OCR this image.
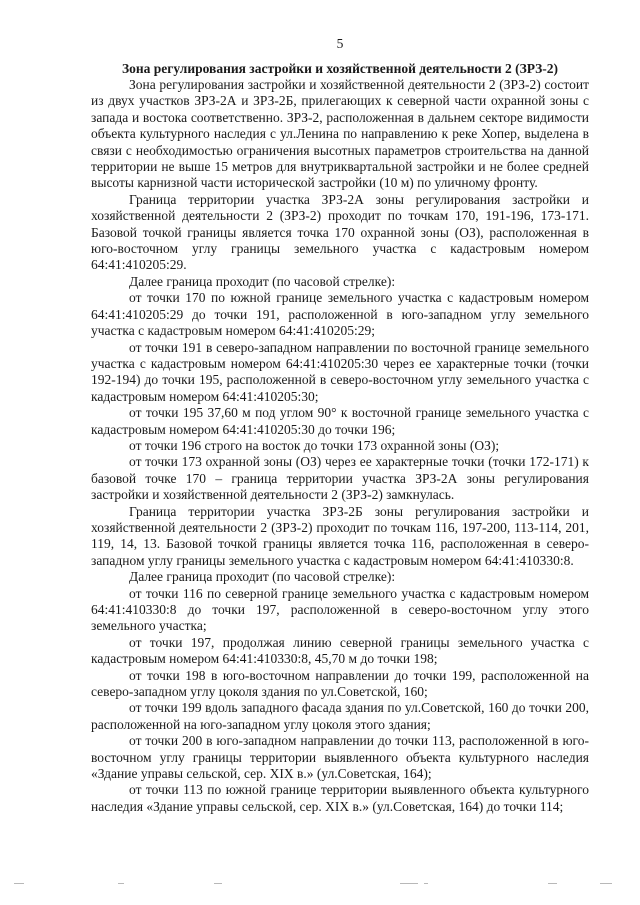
5
Зона регулирования застройки и хозяйственной деятельности 2 (ЗРЗ-2)

Зона регулирования застройки и хозяйственной деятельности 2 (ЗРЗ-2) состоит из двух участков ЗРЗ-2А и ЗРЗ-2Б, прилегающих к северной части охранной зоны с запада и востока соответственно. ЗРЗ-2, расположенная в дальнем секторе видимости объекта культурного наследия с ул.Ленина по направлению к реке Хопер, выделена в связи с необходимостью ограничения высотных параметров строительства на данной территории не выше 15 метров для внутриквартальной застройки и не более средней высоты карнизной части исторической застройки (10 м) по уличному фронту.

Граница территории участка ЗРЗ-2А зоны регулирования застройки и хозяйственной деятельности 2 (ЗРЗ-2) проходит по точкам 170, 191-196, 173-171. Базовой точкой границы является точка 170 охранной зоны (ОЗ), расположенная в юго-восточном углу границы земельного участка с кадастровым номером 64:41:410205:29.

Далее граница проходит (по часовой стрелке):

от точки 170 по южной границе земельного участка с кадастровым номером 64:41:410205:29 до точки 191, расположенной в юго-западном углу земельного участка с кадастровым номером 64:41:410205:29;

от точки 191 в северо-западном направлении по восточной границе земельного участка с кадастровым номером 64:41:410205:30 через ее характерные точки (точки 192-194) до точки 195, расположенной в северо-восточном углу земельного участка с кадастровым номером 64:41:410205:30;

от точки 195 37,60 м под углом 90° к восточной границе земельного участка с кадастровым номером 64:41:410205:30 до точки 196;

от точки 196 строго на восток до точки 173 охранной зоны (ОЗ);

от точки 173 охранной зоны (ОЗ) через ее характерные точки (точки 172-171) к базовой точке 170 – граница территории участка ЗРЗ-2А зоны регулирования застройки и хозяйственной деятельности 2 (ЗРЗ-2) замкнулась.

Граница территории участка ЗРЗ-2Б зоны регулирования застройки и хозяйственной деятельности 2 (ЗРЗ-2) проходит по точкам 116, 197-200, 113-114, 201, 119, 14, 13. Базовой точкой границы является точка 116, расположенная в северо-западном углу границы земельного участка с кадастровым номером 64:41:410330:8.

Далее граница проходит (по часовой стрелке):

от точки 116 по северной границе земельного участка с кадастровым номером 64:41:410330:8 до точки 197, расположенной в северо-восточном углу этого земельного участка;

от точки 197, продолжая линию северной границы земельного участка с кадастровым номером 64:41:410330:8, 45,70 м до точки 198;

от точки 198 в юго-восточном направлении до точки 199, расположенной на северо-западном углу цоколя здания по ул.Советской, 160;

от точки 199 вдоль западного фасада здания по ул.Советской, 160 до точки 200, расположенной на юго-западном углу цоколя этого здания;

от точки 200 в юго-западном направлении до точки 113, расположенной в юго-восточном углу границы территории выявленного объекта культурного наследия «Здание управы сельской, сер. XIX в.» (ул.Советская, 164);

от точки 113 по южной границе территории выявленного объекта культурного наследия «Здание управы сельской, сер. XIX в.» (ул.Советская, 164) до точки 114;
